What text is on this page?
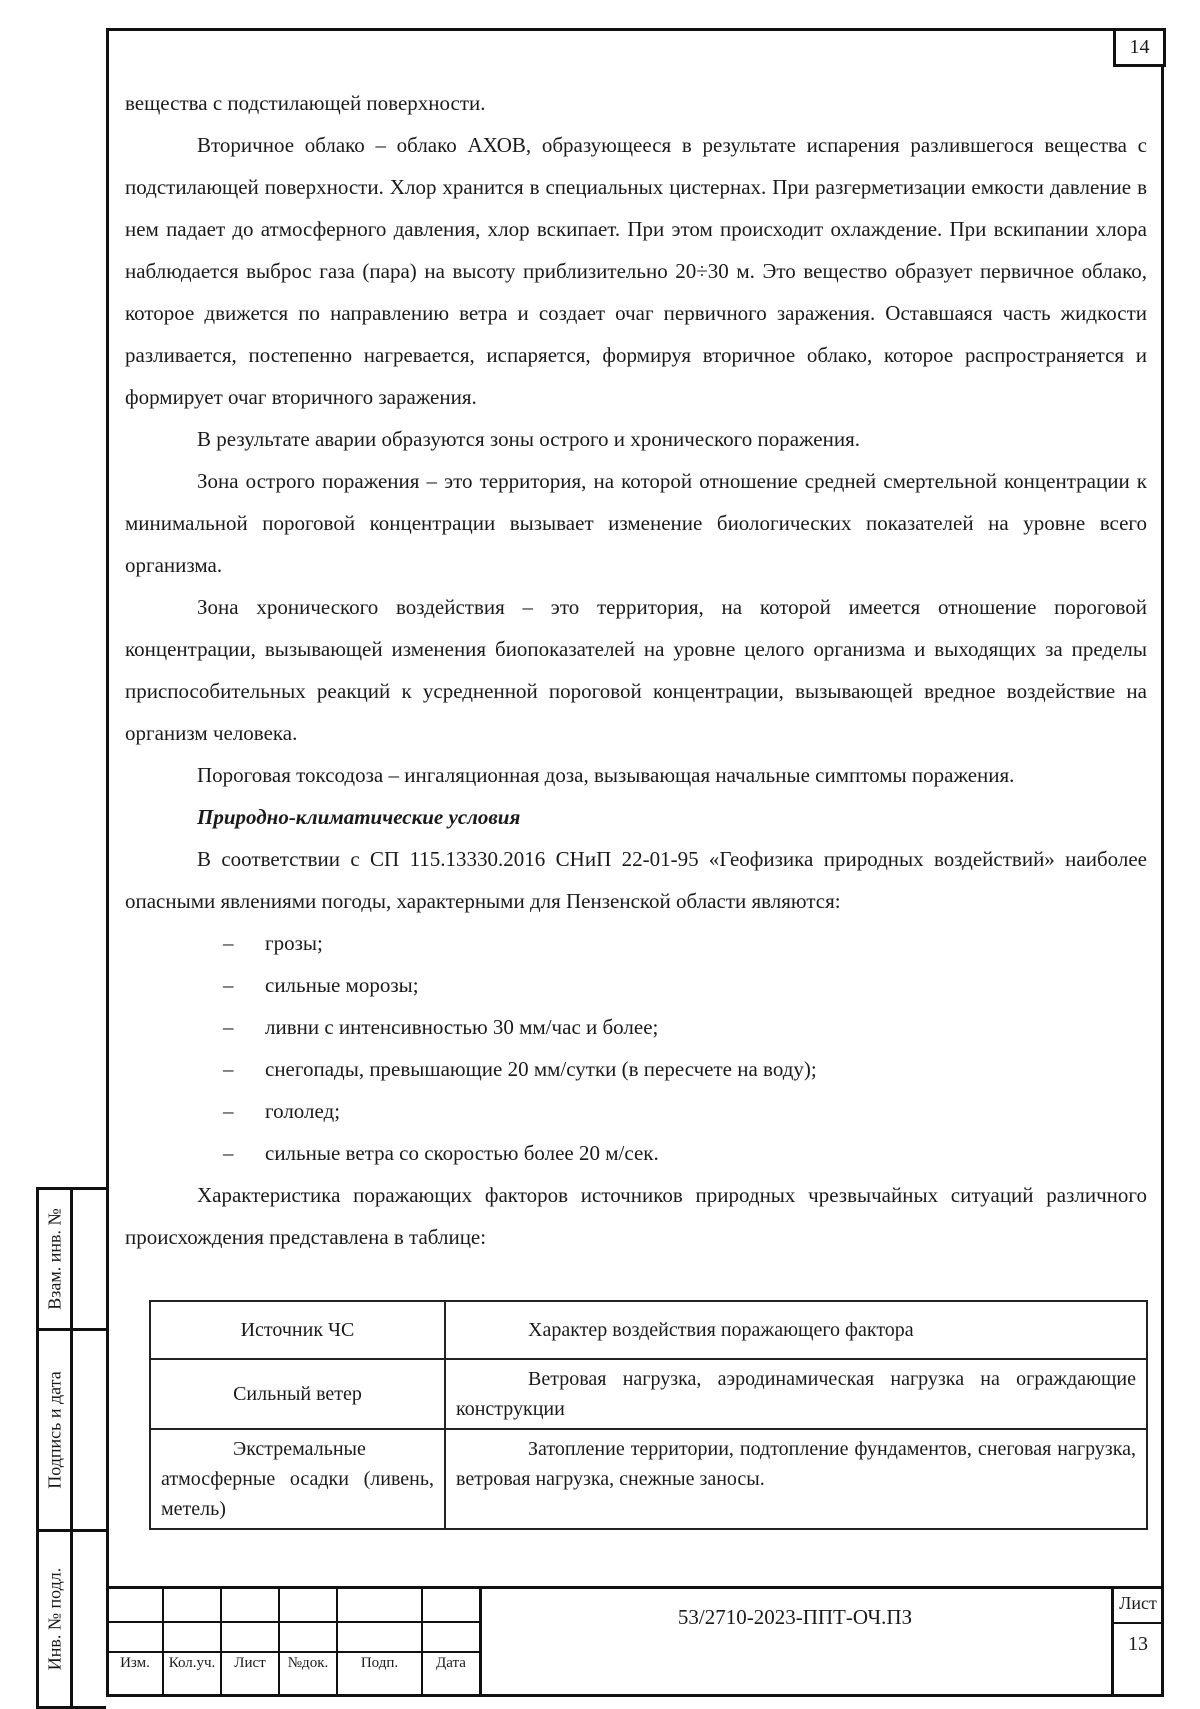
14

вещества с подстилающей поверхности.

Вторичное облако – облако АХОВ, образующееся в результате испарения разлившегося вещества с подстилающей поверхности. Хлор хранится в специальных цистернах. При разгерметизации емкости давление в нем падает до атмосферного давления, хлор вскипает. При этом происходит охлаждение. При вскипании хлора наблюдается выброс газа (пара) на высоту приблизительно 20÷30 м. Это вещество образует первичное облако, которое движется по направлению ветра и создает очаг первичного заражения. Оставшаяся часть жидкости разливается, постепенно нагревается, испаряется, формируя вторичное облако, которое распространяется и формирует очаг вторичного заражения.

В результате аварии образуются зоны острого и хронического поражения.

Зона острого поражения – это территория, на которой отношение средней смертельной концентрации к минимальной пороговой концентрации вызывает изменение биологических показателей на уровне всего организма.

Зона хронического воздействия – это территория, на которой имеется отношение пороговой концентрации, вызывающей изменения биопоказателей на уровне целого организма и выходящих за пределы приспособительных реакций к усредненной пороговой концентрации, вызывающей вредное воздействие на организм человека.

Пороговая токсодоза – ингаляционная доза, вызывающая начальные симптомы поражения.

Природно-климатические условия

В соответствии с СП 115.13330.2016 СНиП 22-01-95 «Геофизика природных воздействий» наиболее опасными явлениями погоды, характерными для Пензенской области являются:

– грозы;
– сильные морозы;
– ливни с интенсивностью 30 мм/час и более;
– снегопады, превышающие 20 мм/сутки (в пересчете на воду);
– гололед;
– сильные ветра со скоростью более 20 м/сек.

Характеристика поражающих факторов источников природных чрезвычайных ситуаций различного происхождения представлена в таблице:

Источник ЧС	Характер воздействия поражающего фактора
Сильный ветер	Ветровая нагрузка, аэродинамическая нагрузка на ограждающие конструкции

Экстремальные атмосферные осадки (ливень, метель)	Затопление территории, подтопление фундаментов, снеговая нагрузка, ветровая нагрузка, снежные заносы.
Взам. инв. №
Подпись и дата
Инв. № подл.	Изм.	Кол.уч.	Лист	№док.	Подп.	Дата
53/2710-2023-ППТ-ОЧ.ПЗ
Лист
13
